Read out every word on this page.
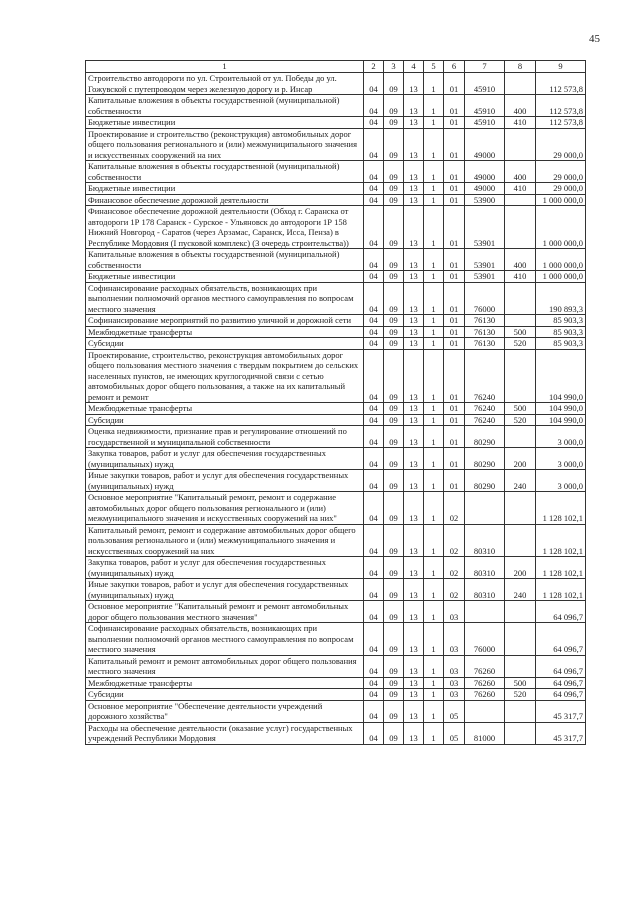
45
1	2	3	4	5	6	7	8	9
Строительство автодороги по ул. Строительной от ул. Победы до ул. Гожувской с путепроводом через железную дорогу и р. Инсар	04	09	13	1	01	45910		112 573,8
Капитальные вложения в объекты государственной (муниципальной) собственности	04	09	13	1	01	45910	400	112 573,8
Бюджетные инвестиции	04	09	13	1	01	45910	410	112 573,8
Проектирование и строительство (реконструкция) автомобильных дорог общего пользования регионального и (или) межмуниципального значения и искусственных сооружений на них	04	09	13	1	01	49000		29 000,0
Капитальные вложения в объекты государственной (муниципальной) собственности	04	09	13	1	01	49000	400	29 000,0
Бюджетные инвестиции	04	09	13	1	01	49000	410	29 000,0
Финансовое обеспечение дорожной деятельности	04	09	13	1	01	53900		1 000 000,0
Финансовое обеспечение дорожной деятельности (Обход г. Саранска от автодороги 1Р 178 Саранск - Сурское - Ульяновск до автодороги 1Р 158 Нижний Новгород - Саратов (через Арзамас, Саранск, Исса, Пенза) в Республике Мордовия (I пусковой комплекс) (3 очередь строительства))	04	09	13	1	01	53901		1 000 000,0
Капитальные вложения в объекты государственной (муниципальной) собственности	04	09	13	1	01	53901	400	1 000 000,0
Бюджетные инвестиции	04	09	13	1	01	53901	410	1 000 000,0
Софинансирование расходных обязательств, возникающих при выполнении полномочий органов местного самоуправления по вопросам местного значения	04	09	13	1	01	76000		190 893,3
Софинансирование мероприятий по развитию уличной и дорожной сети	04	09	13	1	01	76130		85 903,3
Межбюджетные трансферты	04	09	13	1	01	76130	500	85 903,3
Субсидии	04	09	13	1	01	76130	520	85 903,3
Проектирование, строительство, реконструкция автомобильных дорог общего пользования местного значения с твердым покрытием до сельских населенных пунктов, не имеющих круглогодичной связи с сетью автомобильных дорог общего пользования, а также на их капитальный ремонт и ремонт	04	09	13	1	01	76240		104 990,0
Межбюджетные трансферты	04	09	13	1	01	76240	500	104 990,0
Субсидии	04	09	13	1	01	76240	520	104 990,0
Оценка недвижимости, признание прав и регулирование отношений по государственной и муниципальной собственности	04	09	13	1	01	80290		3 000,0
Закупка товаров, работ и услуг для обеспечения государственных (муниципальных) нужд	04	09	13	1	01	80290	200	3 000,0
Иные закупки товаров, работ и услуг для обеспечения государственных (муниципальных) нужд	04	09	13	1	01	80290	240	3 000,0
Основное мероприятие "Капитальный ремонт, ремонт и содержание автомобильных дорог общего пользования регионального и (или) межмуниципального значения и искусственных сооружений на них"	04	09	13	1	02			1 128 102,1
Капитальный ремонт, ремонт и содержание автомобильных дорог общего пользования регионального и (или) межмуниципального значения и искусственных сооружений на них	04	09	13	1	02	80310		1 128 102,1
Закупка товаров, работ и услуг для обеспечения государственных (муниципальных) нужд	04	09	13	1	02	80310	200	1 128 102,1
Иные закупки товаров, работ и услуг для обеспечения государственных (муниципальных) нужд	04	09	13	1	02	80310	240	1 128 102,1
Основное мероприятие "Капитальный ремонт и ремонт автомобильных дорог общего пользования местного значения"	04	09	13	1	03			64 096,7
Софинансирование расходных обязательств, возникающих при выполнении полномочий органов местного самоуправления по вопросам местного значения	04	09	13	1	03	76000		64 096,7
Капитальный ремонт и ремонт автомобильных дорог общего пользования местного значения	04	09	13	1	03	76260		64 096,7
Межбюджетные трансферты	04	09	13	1	03	76260	500	64 096,7
Субсидии	04	09	13	1	03	76260	520	64 096,7
Основное мероприятие "Обеспечение деятельности учреждений дорожного хозяйства"	04	09	13	1	05			45 317,7
Расходы на обеспечение деятельности (оказание услуг) государственных учреждений Республики Мордовия	04	09	13	1	05	81000		45 317,7
